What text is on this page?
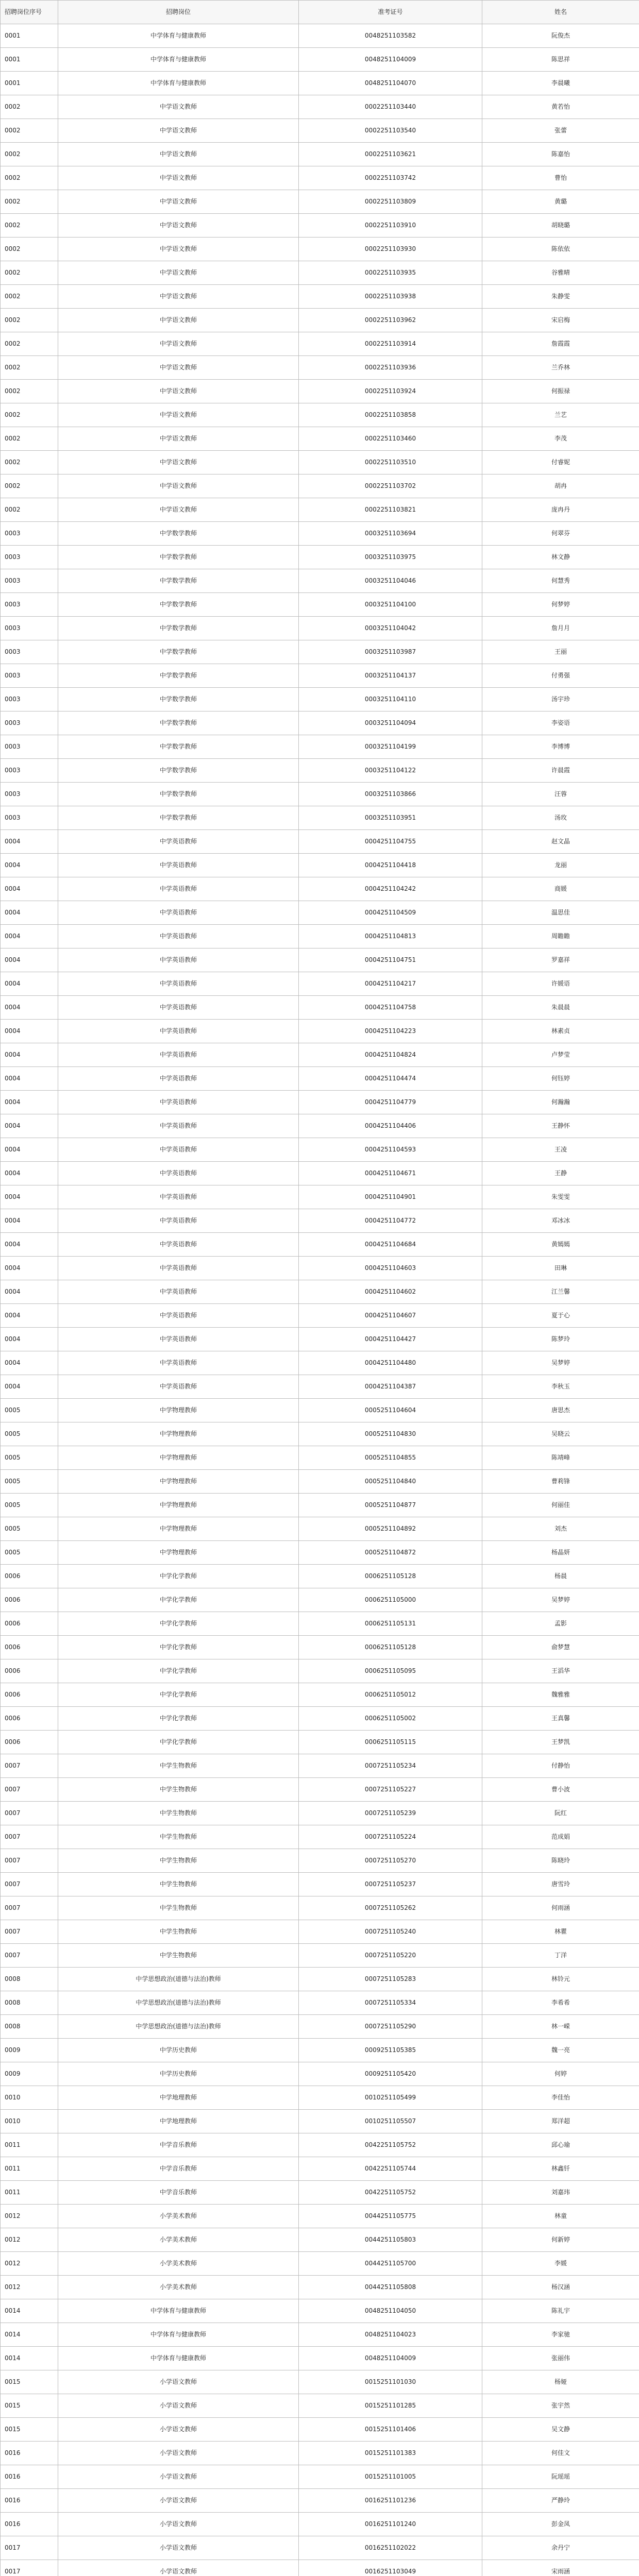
招聘岗位序号	招聘岗位	准考证号	姓名
0001	中学体育与健康教师	0048251103582	阮俊杰
0001	中学体育与健康教师	0048251104009	陈思祥
0001	中学体育与健康教师	0048251104070	李晨曦
0002	中学语文教师	0002251103440	黄若怡
0002	中学语文教师	0002251103540	张蕾
0002	中学语文教师	0002251103621	陈嘉怡
0002	中学语文教师	0002251103742	曹怡
0002	中学语文教师	0002251103809	黄璐
0002	中学语文教师	0002251103910	胡晓璐
0002	中学语文教师	0002251103930	陈依依
0002	中学语文教师	0002251103935	谷雅晴
0002	中学语文教师	0002251103938	朱静雯
0002	中学语文教师	0002251103962	宋启梅
0002	中学语文教师	0002251103914	詹霞霞
0002	中学语文教师	0002251103936	兰乔林
0002	中学语文教师	0002251103924	何振禄
0002	中学语文教师	0002251103858	兰艺
0002	中学语文教师	0002251103460	李茂
0002	中学语文教师	0002251103510	付睿妮
0002	中学语文教师	0002251103702	胡冉
0002	中学语文教师	0002251103821	庞冉丹
0003	中学数学教师	0003251103694	何翠芬
0003	中学数学教师	0003251103975	林文静
0003	中学数学教师	0003251104046	何慧秀
0003	中学数学教师	0003251104100	何梦婷
0003	中学数学教师	0003251104042	詹月月
0003	中学数学教师	0003251103987	王丽
0003	中学数学教师	0003251104137	付勇强
0003	中学数学教师	0003251104110	汤宇珍
0003	中学数学教师	0003251104094	李姿语
0003	中学数学教师	0003251104199	李博博
0003	中学数学教师	0003251104122	许晨霞
0003	中学数学教师	0003251103866	汪蓉
0003	中学数学教师	0003251103951	汤玫
0004	中学英语教师	0004251104755	赵文晶
0004	中学英语教师	0004251104418	龙丽
0004	中学英语教师	0004251104242	商媛
0004	中学英语教师	0004251104509	温思佳
0004	中学英语教师	0004251104813	周瞻瞻
0004	中学英语教师	0004251104751	罗嘉祥
0004	中学英语教师	0004251104217	许媛语
0004	中学英语教师	0004251104758	朱晨晨
0004	中学英语教师	0004251104223	林素贞
0004	中学英语教师	0004251104824	卢梦莹
0004	中学英语教师	0004251104474	何钰婷
0004	中学英语教师	0004251104779	何瀚瀚
0004	中学英语教师	0004251104406	王静怀
0004	中学英语教师	0004251104593	王凌
0004	中学英语教师	0004251104671	王静
0004	中学英语教师	0004251104901	朱雯雯
0004	中学英语教师	0004251104772	邓冰冰
0004	中学英语教师	0004251104684	黄嫣嫣
0004	中学英语教师	0004251104603	田琳
0004	中学英语教师	0004251104602	江兰馨
0004	中学英语教师	0004251104607	夏于心
0004	中学英语教师	0004251104427	陈梦玲
0004	中学英语教师	0004251104480	吴梦婷
0004	中学英语教师	0004251104387	李秋玉
0005	中学物理教师	0005251104604	唐思杰
0005	中学物理教师	0005251104830	吴晓云
0005	中学物理教师	0005251104855	陈靖峰
0005	中学物理教师	0005251104840	曹莉锋
0005	中学物理教师	0005251104877	何丽佳
0005	中学物理教师	0005251104892	刘杰
0005	中学物理教师	0005251104872	杨晶妍
0006	中学化学教师	0006251105128	杨晨
0006	中学化学教师	0006251105000	吴梦婷
0006	中学化学教师	0006251105131	孟影
0006	中学化学教师	0006251105128	俞梦慧
0006	中学化学教师	0006251105095	王滔华
0006	中学化学教师	0006251105012	魏雅雅
0006	中学化学教师	0006251105002	王真馨
0006	中学化学教师	0006251105115	王梦凯
0007	中学生物教师	0007251105234	付静怡
0007	中学生物教师	0007251105227	曹小波
0007	中学生物教师	0007251105239	阮红
0007	中学生物教师	0007251105224	范成娟
0007	中学生物教师	0007251105270	陈晓玲
0007	中学生物教师	0007251105237	唐雪玲
0007	中学生物教师	0007251105262	何雨涵
0007	中学生物教师	0007251105240	林瞿
0007	中学生物教师	0007251105220	丁洋
0008	中学思想政治(道德与法治)教师	0007251105283	林铃元
0008	中学思想政治(道德与法治)教师	0007251105334	李希希
0008	中学思想政治(道德与法治)教师	0007251105290	林一嵘
0009	中学历史教师	0009251105385	魏一亮
0009	中学历史教师	0009251105420	何婷
0010	中学地理教师	0010251105499	李佳怡
0010	中学地理教师	0010251105507	郑洋超
0011	中学音乐教师	0042251105752	邱心瑜
0011	中学音乐教师	0042251105744	林鑫钎
0011	中学音乐教师	0042251105752	刘嘉玮
0012	小学美术教师	0044251105775	林童
0012	小学美术教师	0044251105803	何新婷
0012	小学美术教师	0044251105700	李媛
0012	小学美术教师	0044251105808	杨汉涵
0014	中学体育与健康教师	0048251104050	陈礼宇
0014	中学体育与健康教师	0048251104023	李家驰
0014	中学体育与健康教师	0048251104009	张丽伟
0015	小学语文教师	0015251101030	杨娅
0015	小学语文教师	0015251101285	张宇然
0015	小学语文教师	0015251101406	吴文静
0016	小学语文教师	0015251101383	何佳文
0016	小学语文教师	0015251101005	阮瑶瑶
0016	小学语文教师	0016251101236	严静玲
0016	小学语文教师	0016251101240	彭金凤
0017	小学语文教师	0016251102022	余丹宁
0017	小学语文教师	0016251103049	宋雨涵
